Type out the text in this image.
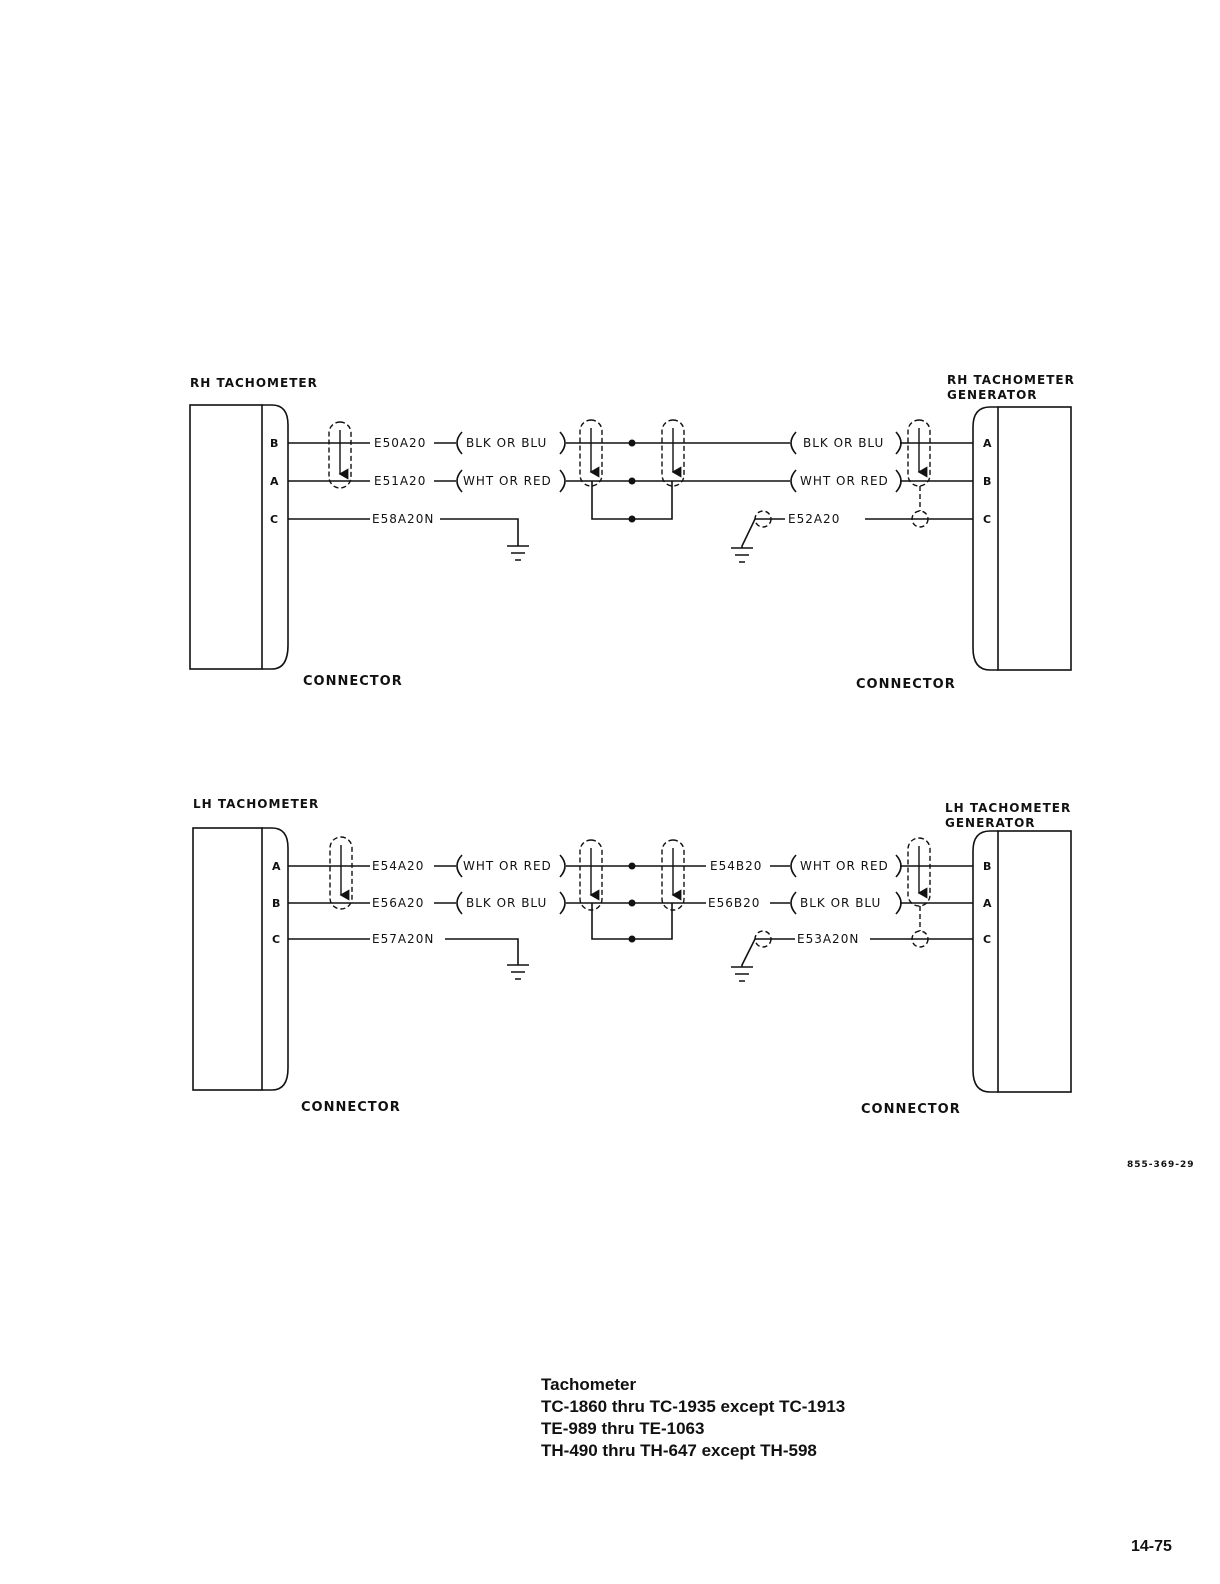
RH TACHOMETER	RH TACHOMETER
GENERATOR
B
A
C
A
B
C
E50A20	BLK OR BLU	BLK OR BLU
E51A20	WHT OR RED	WHT OR RED
E58A20N	E52A20
CONNECTOR	CONNECTOR
LH TACHOMETER	LH TACHOMETER
GENERATOR
A
B
C
B
A
C
E54A20	WHT OR RED	E54B20	WHT OR RED
E56A20	BLK OR BLU	E56B20	BLK OR BLU
E57A20N	E53A20N
CONNECTOR	CONNECTOR
855-369-29
Tachometer
TC-1860 thru TC-1935 except TC-1913
TE-989 thru TE-1063
TH-490 thru TH-647 except TH-598
14-75
